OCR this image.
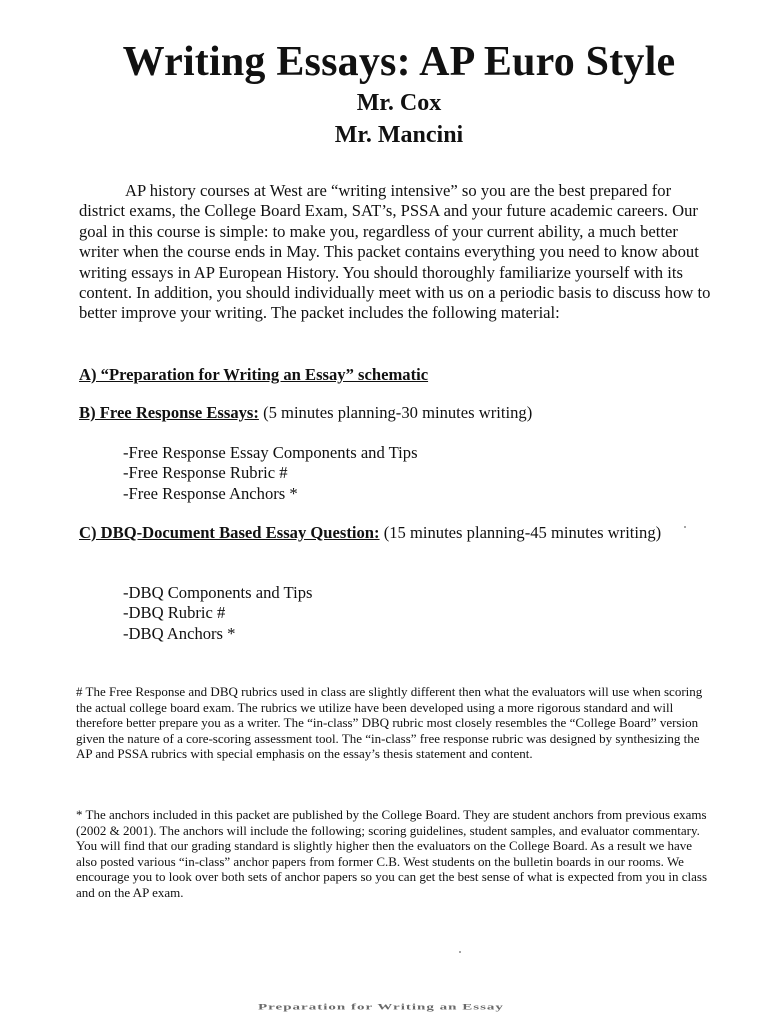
Writing Essays: AP Euro Style

Mr. Cox

Mr. Mancini

AP history courses at West are “writing intensive” so you are the best prepared for district exams, the College Board Exam, SAT’s, PSSA and your future academic careers. Our goal in this course is simple: to make you, regardless of your current ability, a much better writer when the course ends in May. This packet contains everything you need to know about writing essays in AP European History. You should thoroughly familiarize yourself with its content. In addition, you should individually meet with us on a periodic basis to discuss how to better improve your writing. The packet includes the following material:

A) “Preparation for Writing an Essay” schematic

B) Free Response Essays: (5 minutes planning-30 minutes writing)

-Free Response Essay Components and Tips
-Free Response Rubric #
-Free Response Anchors *

C) DBQ-Document Based Essay Question: (15 minutes planning-45 minutes writing)

-DBQ Components and Tips
-DBQ Rubric #
-DBQ Anchors *

# The Free Response and DBQ rubrics used in class are slightly different then what the evaluators will use when scoring the actual college board exam. The rubrics we utilize have been developed using a more rigorous standard and will therefore better prepare you as a writer. The “in-class” DBQ rubric most closely resembles the “College Board” version given the nature of a core-scoring assessment tool. The “in-class” free response rubric was designed by synthesizing the AP and PSSA rubrics with special emphasis on the essay’s thesis statement and content.

* The anchors included in this packet are published by the College Board. They are student anchors from previous exams (2002 & 2001). The anchors will include the following; scoring guidelines, student samples, and evaluator commentary. You will find that our grading standard is slightly higher then the evaluators on the College Board. As a result we have also posted various “in-class” anchor papers from former C.B. West students on the bulletin boards in our rooms. We encourage you to look over both sets of anchor papers so you can get the best sense of what is expected from you in class and on the AP exam.

Preparation for Writing an Essay
